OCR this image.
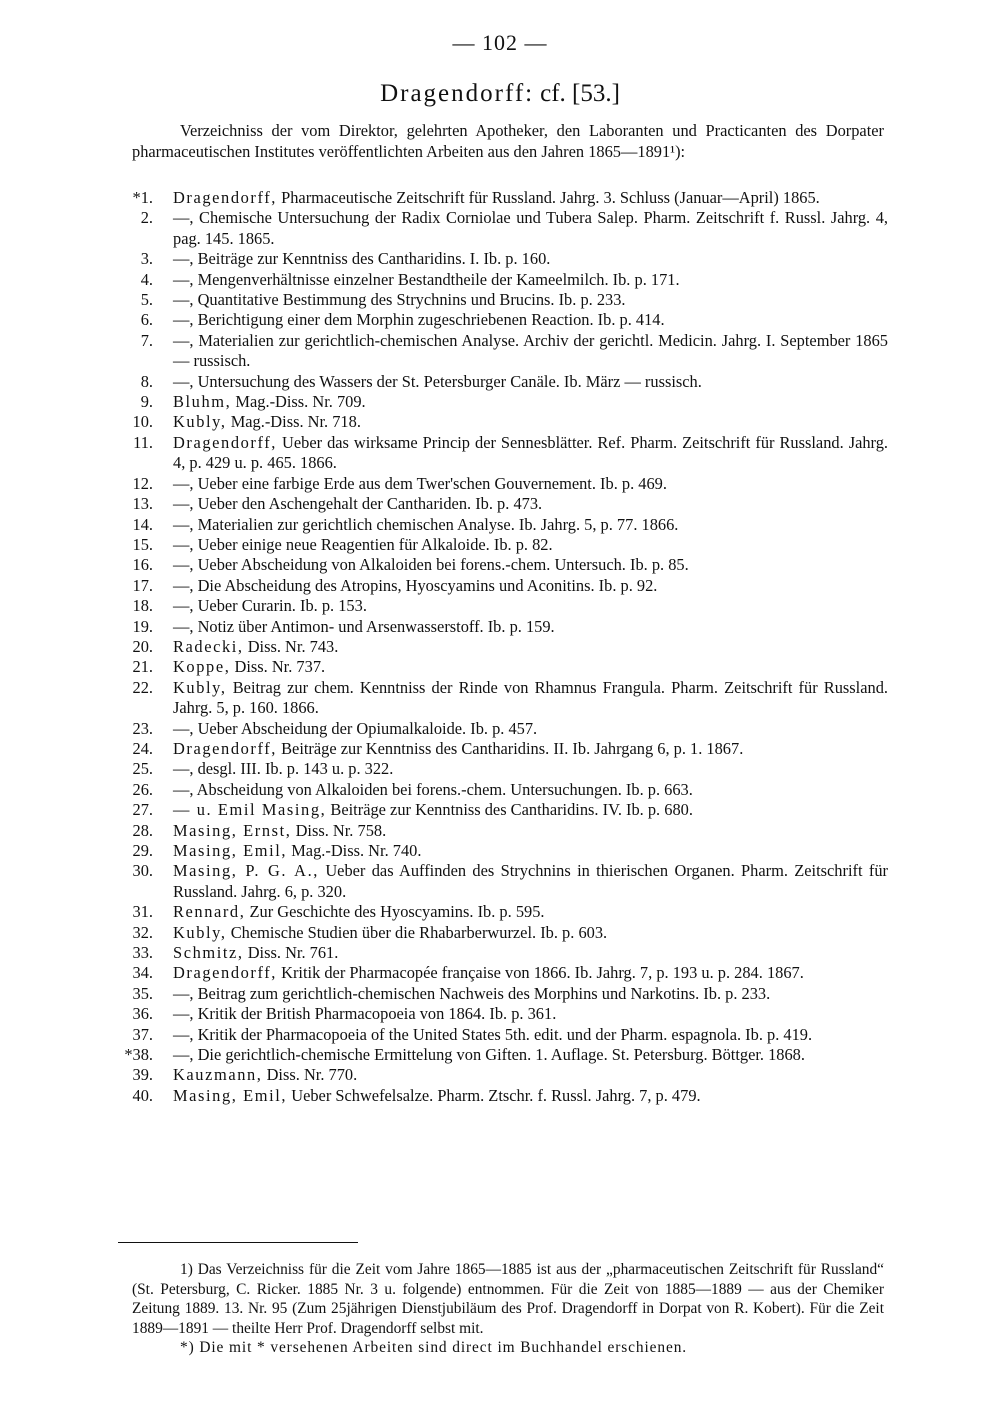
— 102 —
Dragendorff: cf. [53.]

Verzeichniss der vom Direktor, gelehrten Apotheker, den Laboranten und Practicanten des Dorpater pharmaceutischen Institutes veröffentlichten Arbeiten aus den Jahren 1865—1891¹):

*1. Dragendorff, Pharmaceutische Zeitschrift für Russland. Jahrg. 3. Schluss (Januar—April) 1865.
2. —, Chemische Untersuchung der Radix Corniolae und Tubera Salep. Pharm. Zeitschrift f. Russl. Jahrg. 4, pag. 145. 1865.
3. —, Beiträge zur Kenntniss des Cantharidins. I. Ib. p. 160.
4. —, Mengenverhältnisse einzelner Bestandtheile der Kameelmilch. Ib. p. 171.
5. —, Quantitative Bestimmung des Strychnins und Brucins. Ib. p. 233.
6. —, Berichtigung einer dem Morphin zugeschriebenen Reaction. Ib. p. 414.
7. —, Materialien zur gerichtlich-chemischen Analyse. Archiv der gerichtl. Medicin. Jahrg. I. September 1865 — russisch.
8. —, Untersuchung des Wassers der St. Petersburger Canäle. Ib. März — russisch.
9. Bluhm, Mag.-Diss. Nr. 709.
10. Kubly, Mag.-Diss. Nr. 718.
11. Dragendorff, Ueber das wirksame Princip der Sennesblätter. Ref. Pharm. Zeitschrift für Russland. Jahrg. 4, p. 429 u. p. 465. 1866.
12. —, Ueber eine farbige Erde aus dem Twer'schen Gouvernement. Ib. p. 469.
13. —, Ueber den Aschengehalt der Canthariden. Ib. p. 473.
14. —, Materialien zur gerichtlich chemischen Analyse. Ib. Jahrg. 5, p. 77. 1866.
15. —, Ueber einige neue Reagentien für Alkaloide. Ib. p. 82.
16. —, Ueber Abscheidung von Alkaloiden bei forens.-chem. Untersuch. Ib. p. 85.
17. —, Die Abscheidung des Atropins, Hyoscyamins und Aconitins. Ib. p. 92.
18. —, Ueber Curarin. Ib. p. 153.
19. —, Notiz über Antimon- und Arsenwasserstoff. Ib. p. 159.
20. Radecki, Diss. Nr. 743.
21. Koppe, Diss. Nr. 737.
22. Kubly, Beitrag zur chem. Kenntniss der Rinde von Rhamnus Frangula. Pharm. Zeitschrift für Russland. Jahrg. 5, p. 160. 1866.
23. —, Ueber Abscheidung der Opiumalkaloide. Ib. p. 457.
24. Dragendorff, Beiträge zur Kenntniss des Cantharidins. II. Ib. Jahrgang 6, p. 1. 1867.
25. —, desgl. III. Ib. p. 143 u. p. 322.
26. —, Abscheidung von Alkaloiden bei forens.-chem. Untersuchungen. Ib. p. 663.
27. — u. Emil Masing, Beiträge zur Kenntniss des Cantharidins. IV. Ib. p. 680.
28. Masing, Ernst, Diss. Nr. 758.
29. Masing, Emil, Mag.-Diss. Nr. 740.
30. Masing, P. G. A., Ueber das Auffinden des Strychnins in thierischen Organen. Pharm. Zeitschrift für Russland. Jahrg. 6, p. 320.
31. Rennard, Zur Geschichte des Hyoscyamins. Ib. p. 595.
32. Kubly, Chemische Studien über die Rhabarberwurzel. Ib. p. 603.
33. Schmitz, Diss. Nr. 761.
34. Dragendorff, Kritik der Pharmacopée française von 1866. Ib. Jahrg. 7, p. 193 u. p. 284. 1867.
35. —, Beitrag zum gerichtlich-chemischen Nachweis des Morphins und Narkotins. Ib. p. 233.
36. —, Kritik der British Pharmacopoeia von 1864. Ib. p. 361.
37. —, Kritik der Pharmacopoeia of the United States 5th. edit. und der Pharm. espagnola. Ib. p. 419.
*38. —, Die gerichtlich-chemische Ermittelung von Giften. 1. Auflage. St. Petersburg. Böttger. 1868.
39. Kauzmann, Diss. Nr. 770.
40. Masing, Emil, Ueber Schwefelsalze. Pharm. Ztschr. f. Russl. Jahrg. 7, p. 479.

1) Das Verzeichniss für die Zeit vom Jahre 1865—1885 ist aus der „pharmaceutischen Zeitschrift für Russland“ (St. Petersburg, C. Ricker. 1885 Nr. 3 u. folgende) entnommen. Für die Zeit von 1885—1889 — aus der Chemiker Zeitung 1889. 13. Nr. 95 (Zum 25jährigen Dienstjubiläum des Prof. Dragendorff in Dorpat von R. Kobert). Für die Zeit 1889—1891 — theilte Herr Prof. Dragendorff selbst mit.

*) Die mit * versehenen Arbeiten sind direct im Buchhandel erschienen.
